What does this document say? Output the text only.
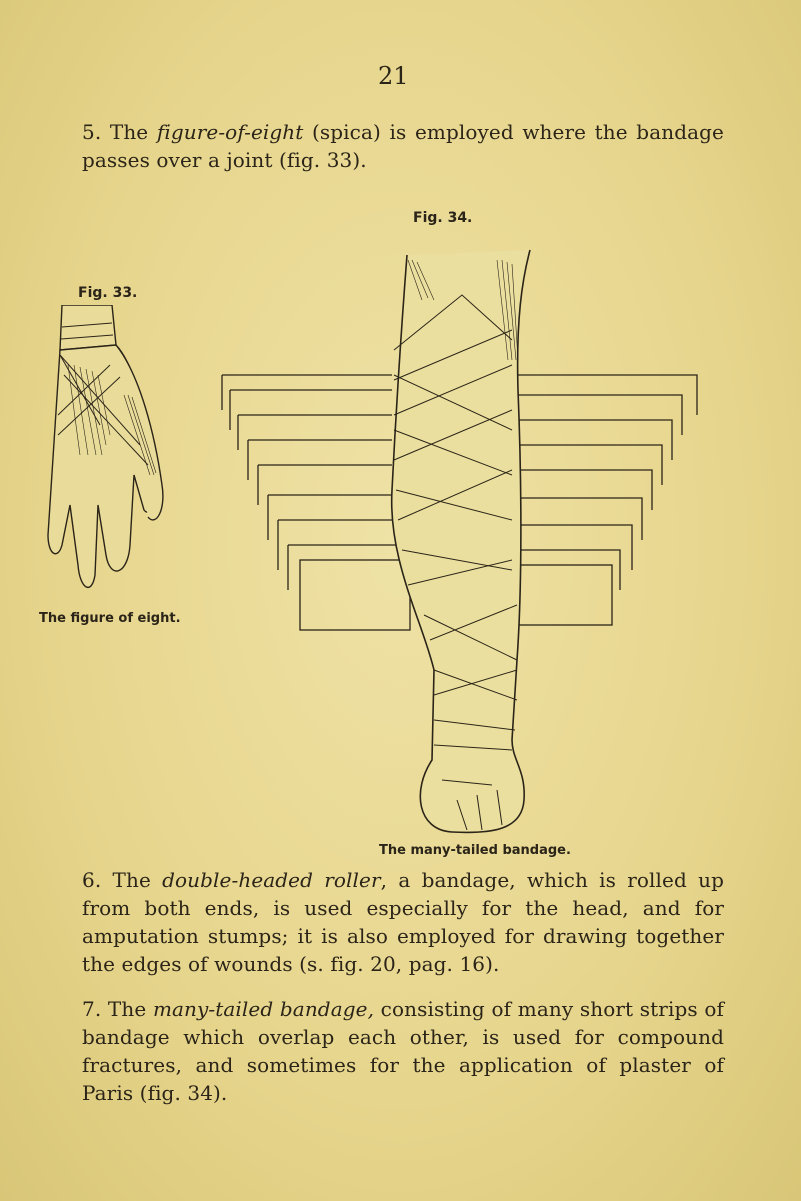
21

5. The figure-of-eight (spica) is employed where the bandage passes over a joint (fig. 33).

Fig. 33.
The figure of eight.
Fig. 34.
The many-tailed bandage.

6. The double-headed roller, a bandage, which is rolled up from both ends, is used especially for the head, and for amputation stumps; it is also employed for drawing together the edges of wounds (s. fig. 20, pag. 16).

7. The many-tailed bandage, consisting of many short strips of bandage which overlap each other, is used for compound fractures, and sometimes for the application of plaster of Paris (fig. 34).
